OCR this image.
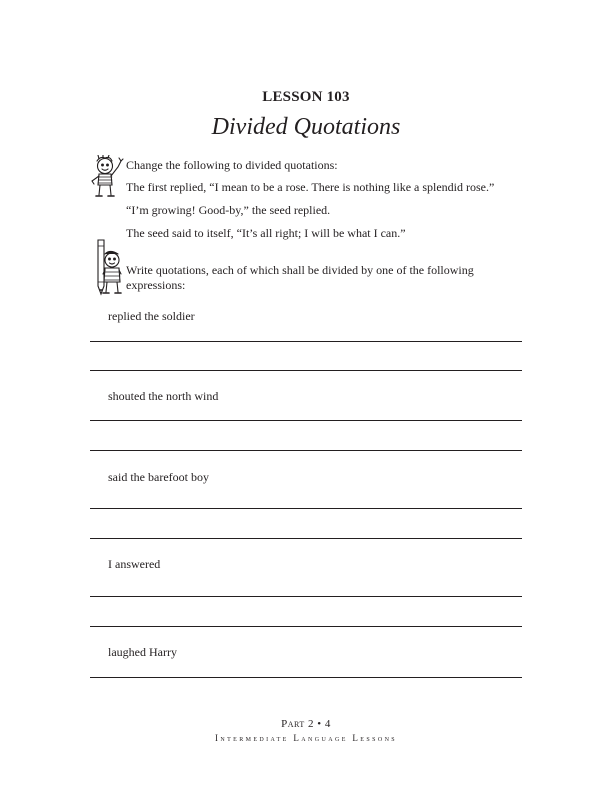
LESSON 103
Divided Quotations
Change the following to divided quotations:
The first replied, “I mean to be a rose. There is nothing like a splendid rose.”
“I’m growing! Good-by,” the seed replied.
The seed said to itself, “It’s all right; I will be what I can.”
Write quotations, each of which shall be divided by one of the following expressions:
replied the soldier
shouted the north wind
said the barefoot boy
I answered
laughed Harry
Part 2 • 4
Intermediate Language Lessons
